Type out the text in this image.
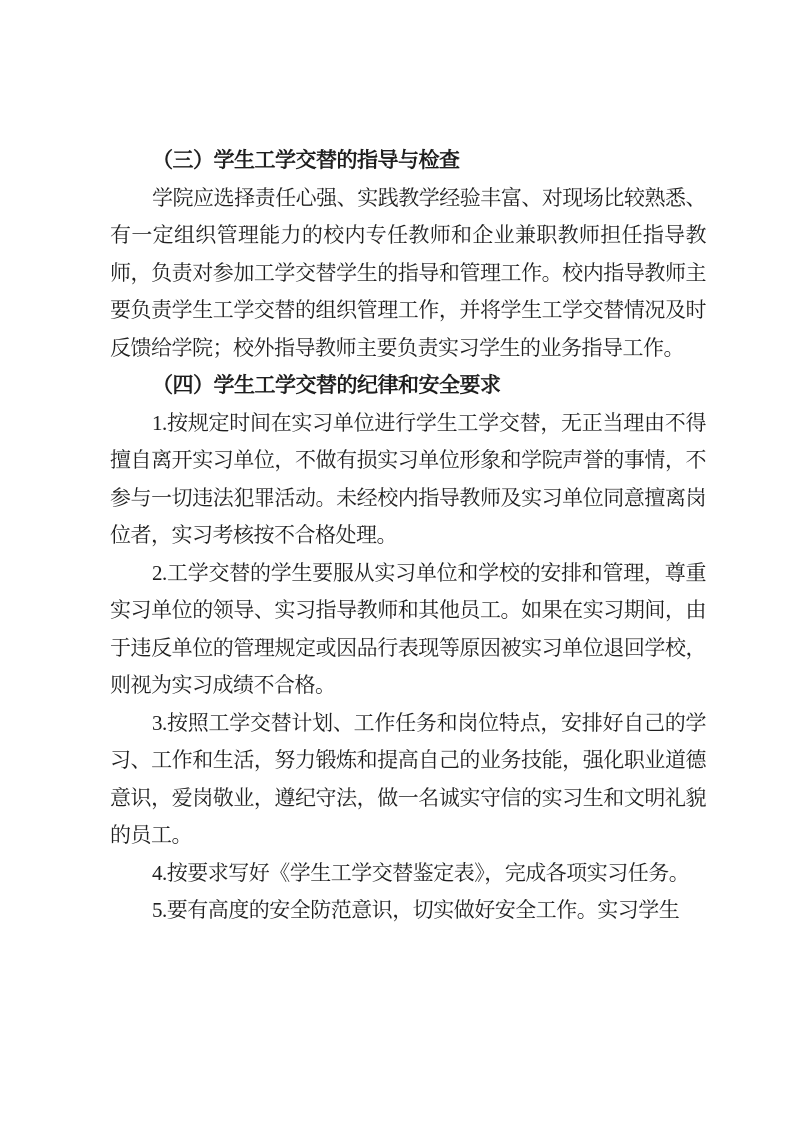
（三）学生工学交替的指导与检查

学院应选择责任心强、实践教学经验丰富、对现场比较熟悉、有一定组织管理能力的校内专任教师和企业兼职教师担任指导教师，负责对参加工学交替学生的指导和管理工作。校内指导教师主要负责学生工学交替的组织管理工作，并将学生工学交替情况及时反馈给学院；校外指导教师主要负责实习学生的业务指导工作。

（四）学生工学交替的纪律和安全要求

1.按规定时间在实习单位进行学生工学交替，无正当理由不得擅自离开实习单位，不做有损实习单位形象和学院声誉的事情，不参与一切违法犯罪活动。未经校内指导教师及实习单位同意擅离岗位者，实习考核按不合格处理。

2.工学交替的学生要服从实习单位和学校的安排和管理，尊重实习单位的领导、实习指导教师和其他员工。如果在实习期间，由于违反单位的管理规定或因品行表现等原因被实习单位退回学校，则视为实习成绩不合格。

3.按照工学交替计划、工作任务和岗位特点，安排好自己的学习、工作和生活，努力锻炼和提高自己的业务技能，强化职业道德意识，爱岗敬业，遵纪守法，做一名诚实守信的实习生和文明礼貌的员工。

4.按要求写好《学生工学交替鉴定表》，完成各项实习任务。

5.要有高度的安全防范意识，切实做好安全工作。实习学生
